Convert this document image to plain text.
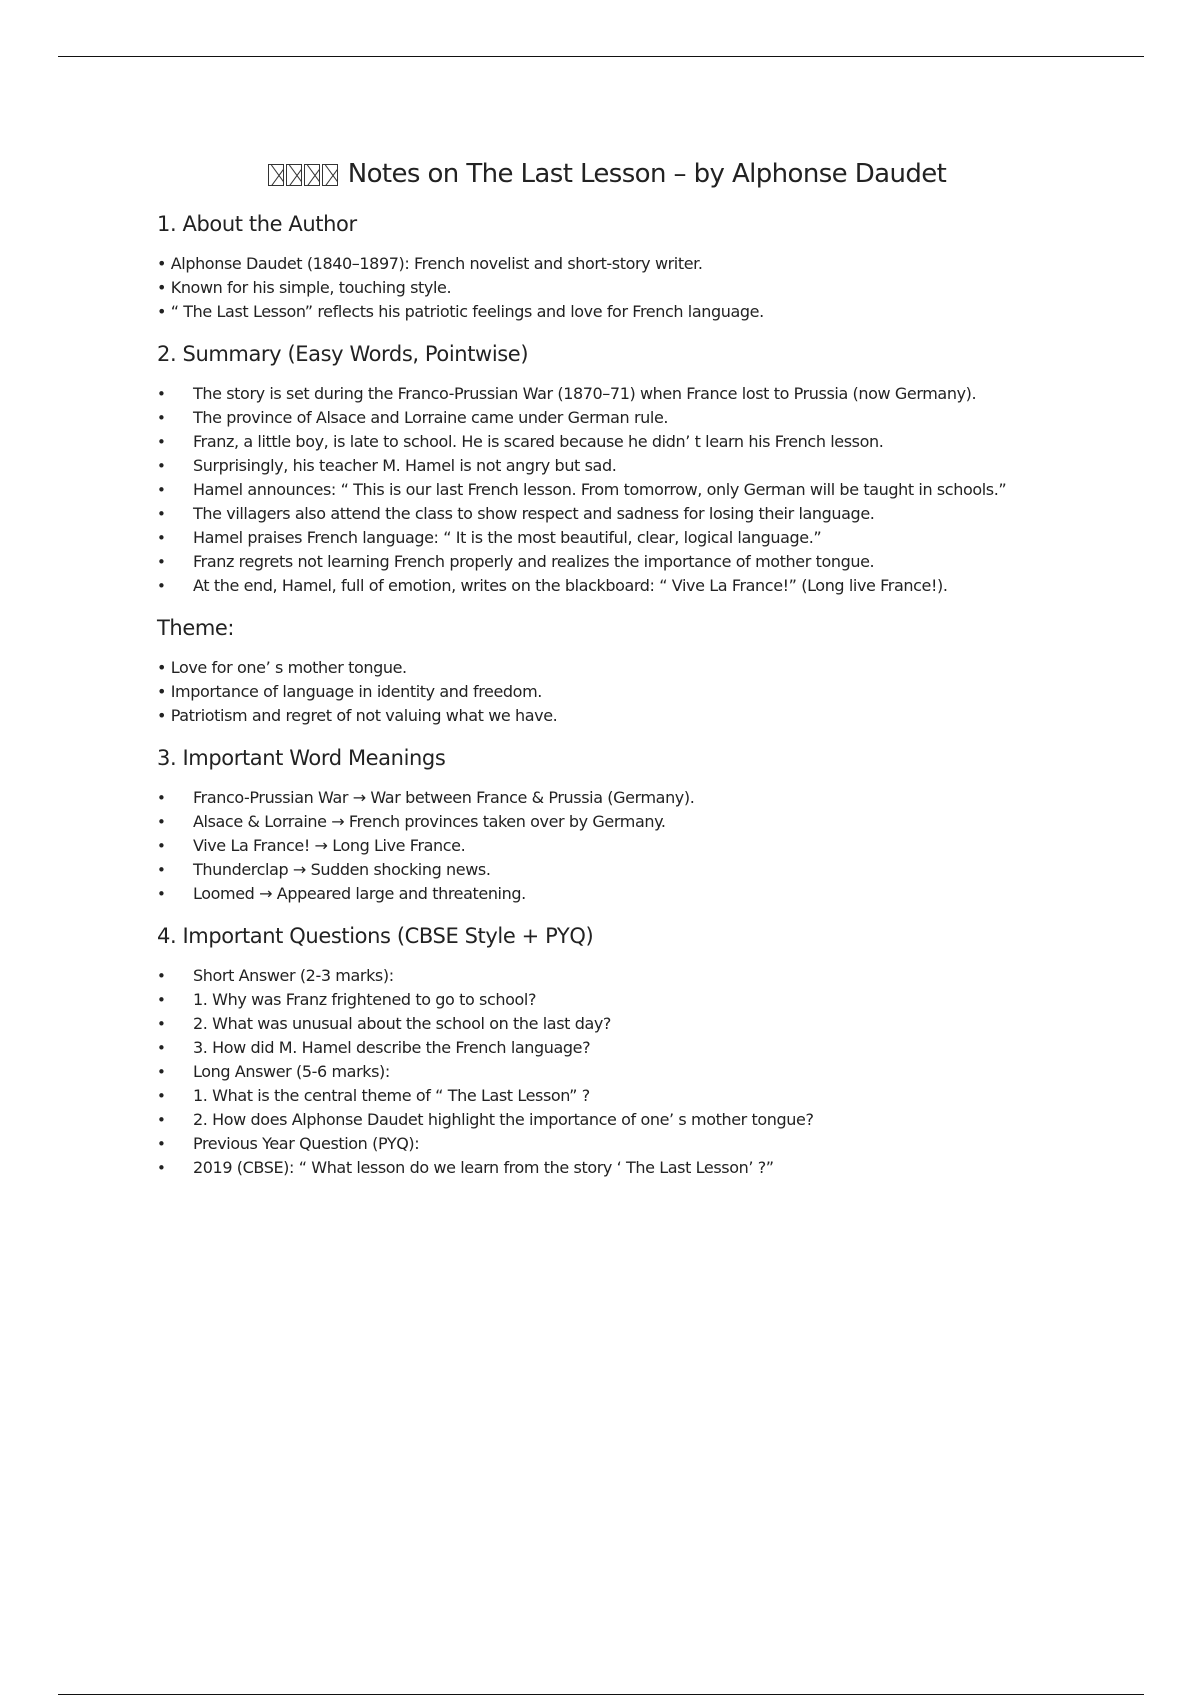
Notes on The Last Lesson – by Alphonse Daudet
1. About the Author
• Alphonse Daudet (1840–1897): French novelist and short-story writer.
• Known for his simple, touching style.
• “ The Last Lesson” reflects his patriotic feelings and love for French language.
2. Summary (Easy Words, Pointwise)
• The story is set during the Franco-Prussian War (1870–71) when France lost to Prussia (now Germany).
• The province of Alsace and Lorraine came under German rule.
• Franz, a little boy, is late to school. He is scared because he didn’ t learn his French lesson.
• Surprisingly, his teacher M. Hamel is not angry but sad.
• Hamel announces: “ This is our last French lesson. From tomorrow, only German will be taught in schools.”
• The villagers also attend the class to show respect and sadness for losing their language.
• Hamel praises French language: “ It is the most beautiful, clear, logical language.”
• Franz regrets not learning French properly and realizes the importance of mother tongue.
• At the end, Hamel, full of emotion, writes on the blackboard: “ Vive La France!” (Long live France!).
Theme:
• Love for one’ s mother tongue.
• Importance of language in identity and freedom.
• Patriotism and regret of not valuing what we have.
3. Important Word Meanings
• Franco-Prussian War → War between France & Prussia (Germany).
• Alsace & Lorraine → French provinces taken over by Germany.
• Vive La France! → Long Live France.
• Thunderclap → Sudden shocking news.
• Loomed → Appeared large and threatening.
4. Important Questions (CBSE Style + PYQ)
• Short Answer (2-3 marks):
• 1. Why was Franz frightened to go to school?
• 2. What was unusual about the school on the last day?
• 3. How did M. Hamel describe the French language?
• Long Answer (5-6 marks):
• 1. What is the central theme of “ The Last Lesson” ?
• 2. How does Alphonse Daudet highlight the importance of one’ s mother tongue?
• Previous Year Question (PYQ):
• 2019 (CBSE): “ What lesson do we learn from the story ‘ The Last Lesson’ ?”
